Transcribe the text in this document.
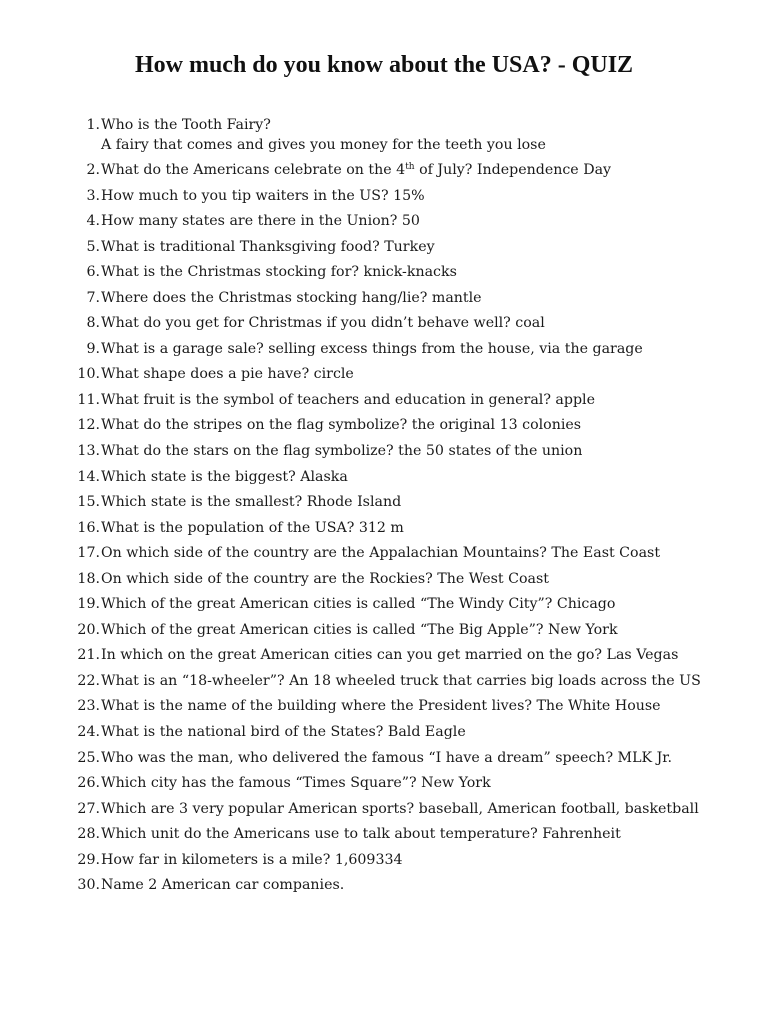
How much do you know about the USA? - QUIZ
1. Who is the Tooth Fairy?
A fairy that comes and gives you money for the teeth you lose
2. What do the Americans celebrate on the 4th of July? Independence Day
3. How much to you tip waiters in the US? 15%
4. How many states are there in the Union? 50
5. What is traditional Thanksgiving food? Turkey
6. What is the Christmas stocking for? knick-knacks
7. Where does the Christmas stocking hang/lie? mantle
8. What do you get for Christmas if you didn’t behave well? coal
9. What is a garage sale? selling excess things from the house, via the garage
10. What shape does a pie have? circle
11. What fruit is the symbol of teachers and education in general? apple
12. What do the stripes on the flag symbolize? the original 13 colonies
13. What do the stars on the flag symbolize? the 50 states of the union
14. Which state is the biggest? Alaska
15. Which state is the smallest? Rhode Island
16. What is the population of the USA? 312 m
17. On which side of the country are the Appalachian Mountains? The East Coast
18. On which side of the country are the Rockies? The West Coast
19. Which of the great American cities is called “The Windy City”? Chicago
20. Which of the great American cities is called “The Big Apple”? New York
21. In which on the great American cities can you get married on the go? Las Vegas
22. What is an “18-wheeler”? An 18 wheeled truck that carries big loads across the US
23. What is the name of the building where the President lives? The White House
24. What is the national bird of the States? Bald Eagle
25. Who was the man, who delivered the famous “I have a dream” speech? MLK Jr.
26. Which city has the famous “Times Square”? New York
27. Which are 3 very popular American sports? baseball, American football, basketball
28. Which unit do the Americans use to talk about temperature? Fahrenheit
29. How far in kilometers is a mile? 1,609334
30. Name 2 American car companies.
